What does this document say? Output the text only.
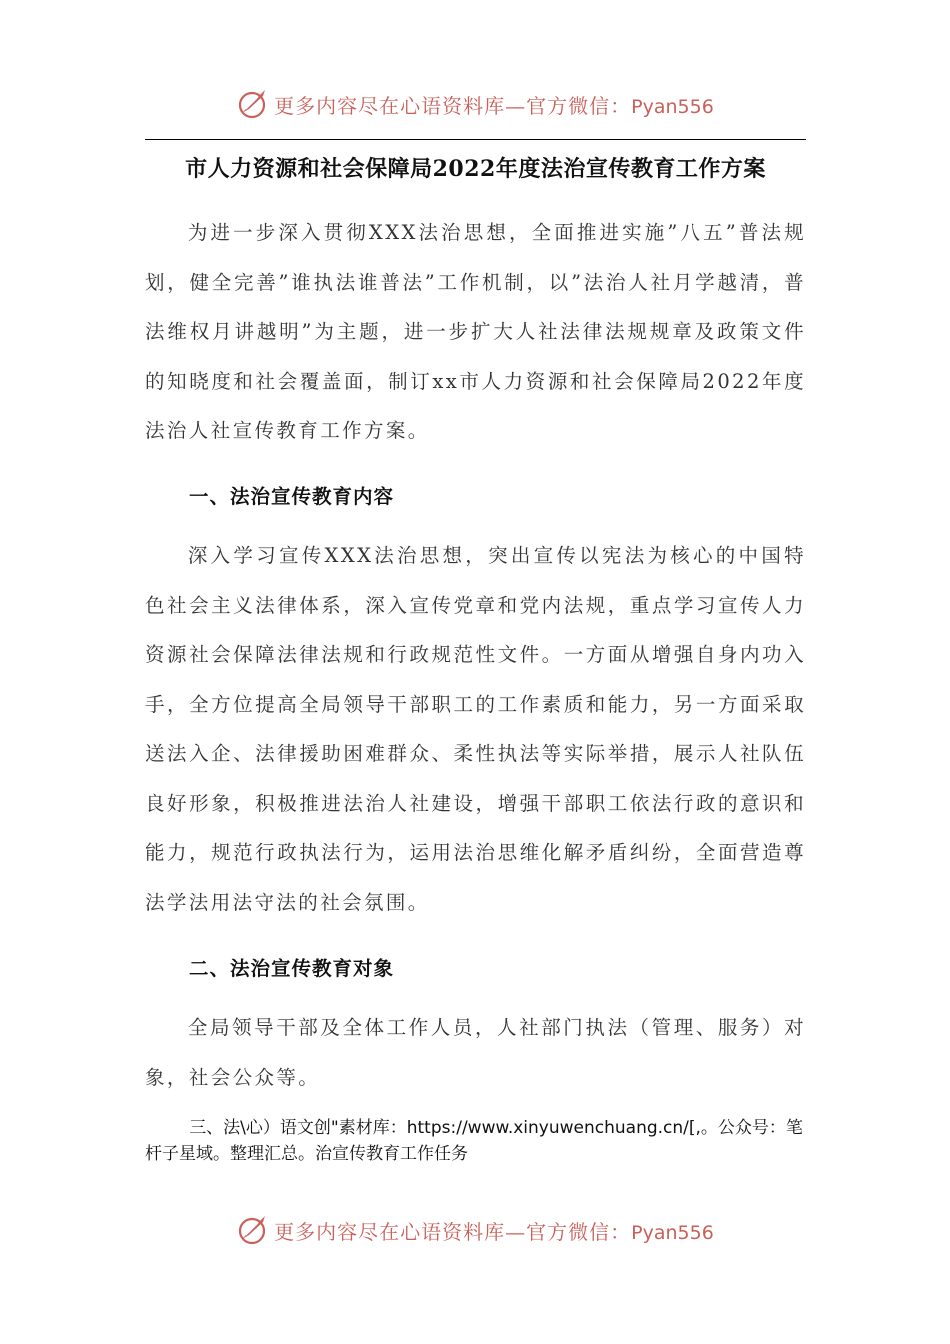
更多内容尽在心语资料库—官方微信：Pyan556
市人力资源和社会保障局2022年度法治宣传教育工作方案

为进一步深入贯彻XXX法治思想，全面推进实施”八五”普法规划，健全完善”谁执法谁普法”工作机制，以”法治人社月学越清，普法维权月讲越明”为主题，进一步扩大人社法律法规规章及政策文件的知晓度和社会覆盖面，制订xx市人力资源和社会保障局2022年度法治人社宣传教育工作方案。

一、法治宣传教育内容

深入学习宣传XXX法治思想，突出宣传以宪法为核心的中国特色社会主义法律体系，深入宣传党章和党内法规，重点学习宣传人力资源社会保障法律法规和行政规范性文件。一方面从增强自身内功入手，全方位提高全局领导干部职工的工作素质和能力，另一方面采取送法入企、法律援助困难群众、柔性执法等实际举措，展示人社队伍良好形象，积极推进法治人社建设，增强干部职工依法行政的意识和能力，规范行政执法行为，运用法治思维化解矛盾纠纷，全面营造尊法学法用法守法的社会氛围。

二、法治宣传教育对象

全局领导干部及全体工作人员，人社部门执法（管理、服务）对象，社会公众等。

三、法\心）语文创"素材库：https://www.xinyuwenchuang.cn/[,。公众号：笔杆子星域。整理汇总。治宣传教育工作任务

更多内容尽在心语资料库—官方微信：Pyan556
